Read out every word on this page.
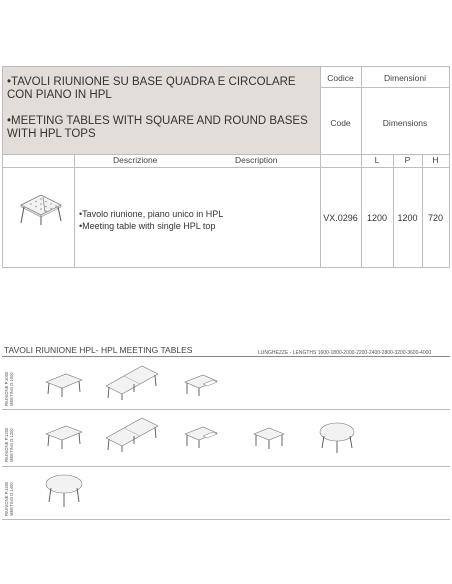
•TAVOLI RIUNIONE SU BASE QUADRA E CIRCOLARE CON PIANO IN HPL
•MEETING TABLES WITH SQUARE AND ROUND BASES WITH HPL TOPS
Codice	Dimensioni
Code	Dimensions
Descrizione	Description	L	P	H
•Tavolo riunione, piano unico in HPL
•Meeting table with single HPL top
VX.0296	1200	1200	720
TAVOLI RIUNIONE HPL- HPL MEETING TABLES	LUNGHEZZE - LENGTHS 1600-1800-2000-2200-2400-2800-3200-3600-4000
RIUNIONE P.1000 MEETING D.1000
RIUNIONE P.1200 MEETING D.1200
RIUNIONE P.1400 MEETING D.1400
